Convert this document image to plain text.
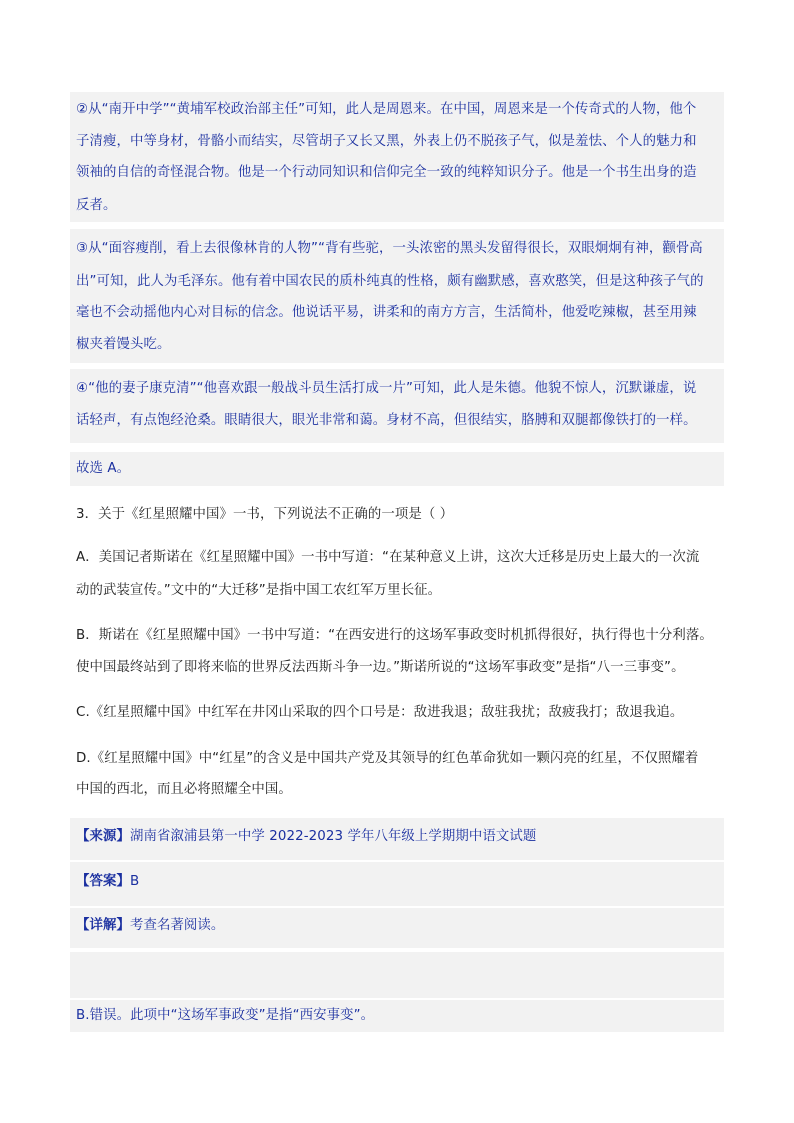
②从“南开中学”“黄埔军校政治部主任”可知，此人是周恩来。在中国，周恩来是一个传奇式的人物，他个
子清瘦，中等身材，骨骼小而结实，尽管胡子又长又黑，外表上仍不脱孩子气，似是羞怯、个人的魅力和
领袖的自信的奇怪混合物。他是一个行动同知识和信仰完全一致的纯粹知识分子。他是一个书生出身的造
反者。
③从“面容瘦削，看上去很像林肯的人物”“背有些驼，一头浓密的黑头发留得很长，双眼炯炯有神，颧骨高
出”可知，此人为毛泽东。他有着中国农民的质朴纯真的性格，颇有幽默感，喜欢憨笑，但是这种孩子气的
毫也不会动摇他内心对目标的信念。他说话平易，讲柔和的南方方言，生活简朴，他爱吃辣椒，甚至用辣
椒夹着馒头吃。
④“他的妻子康克清”“他喜欢跟一般战斗员生活打成一片”可知，此人是朱德。他貌不惊人，沉默谦虚，说
话轻声，有点饱经沧桑。眼睛很大，眼光非常和蔼。身材不高，但很结实，胳膊和双腿都像铁打的一样。
故选 A。
3．关于《红星照耀中国》一书，下列说法不正确的一项是（ ）
A．美国记者斯诺在《红星照耀中国》一书中写道：“在某种意义上讲，这次大迁移是历史上最大的一次流
动的武装宣传。”文中的“大迁移”是指中国工农红军万里长征。
B．斯诺在《红星照耀中国》一书中写道：“在西安进行的这场军事政变时机抓得很好，执行得也十分利落。
使中国最终站到了即将来临的世界反法西斯斗争一边。”斯诺所说的“这场军事政变”是指“八一三事变”。
C.《红星照耀中国》中红军在井冈山采取的四个口号是：敌进我退；敌驻我扰；敌疲我打；敌退我追。
D.《红星照耀中国》中“红星”的含义是中国共产党及其领导的红色革命犹如一颗闪亮的红星，不仅照耀着
中国的西北，而且必将照耀全中国。
【来源】湖南省溆浦县第一中学 2022-2023 学年八年级上学期期中语文试题
【答案】B
【详解】考查名著阅读。
B.错误。此项中“这场军事政变”是指“西安事变”。
